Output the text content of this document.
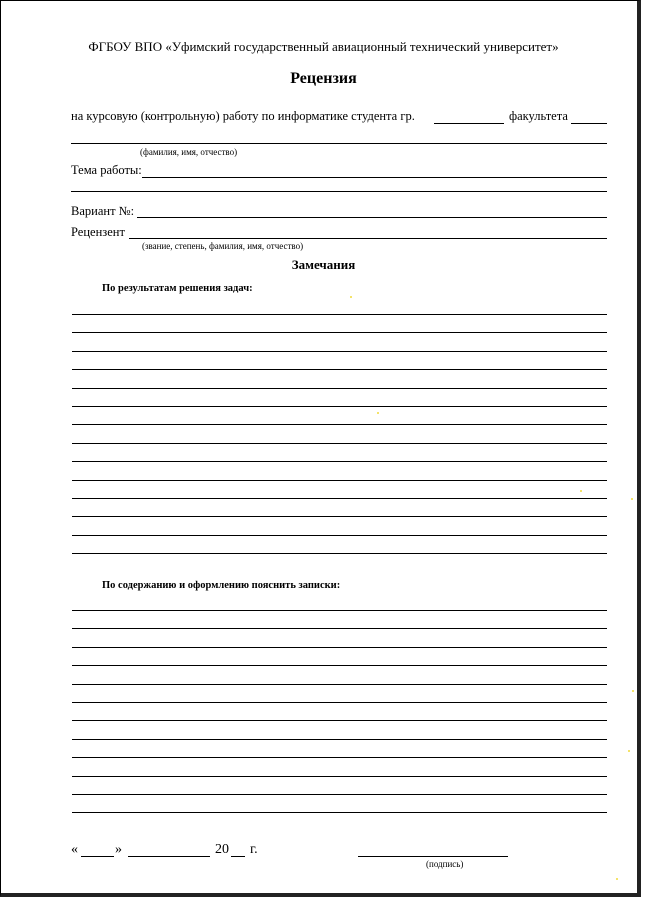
ФГБОУ ВПО «Уфимский государственный авиационный технический университет»
Рецензия
на курсовую (контрольную) работу по информатике студента гр.	факультета
(фамилия, имя, отчество)
Тема работы:
Вариант №:
Рецензент
(звание, степень, фамилия, имя, отчество)
Замечания
По результатам решения задач:
По содержанию и оформлению пояснить записки:
«	»	20 г.
(подпись)
